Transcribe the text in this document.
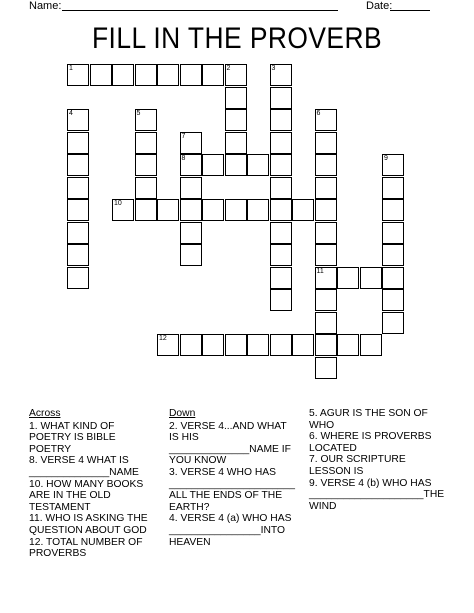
Name:	Date:
FILL IN THE PROVERB
1	2	3
4	5	6
11
7
8	9
10
12
Across

1. WHAT KIND OF POETRY IS BIBLE POETRY

8. VERSE 4 WHAT IS ______________NAME

10. HOW MANY BOOKS ARE IN THE OLD TESTAMENT

11. WHO IS ASKING THE QUESTION ABOUT GOD

12. TOTAL NUMBER OF PROVERBS

Down

2. VERSE 4...AND WHAT IS HIS ______________NAME IF YOU KNOW

3. VERSE 4 WHO HAS ______________________ ALL THE ENDS OF THE EARTH?

4. VERSE 4 (a) WHO HAS ________________INTO HEAVEN

5. AGUR IS THE SON OF WHO

6. WHERE IS PROVERBS LOCATED

7. OUR SCRIPTURE LESSON IS

9. VERSE 4 (b) WHO HAS ____________________THE WIND
